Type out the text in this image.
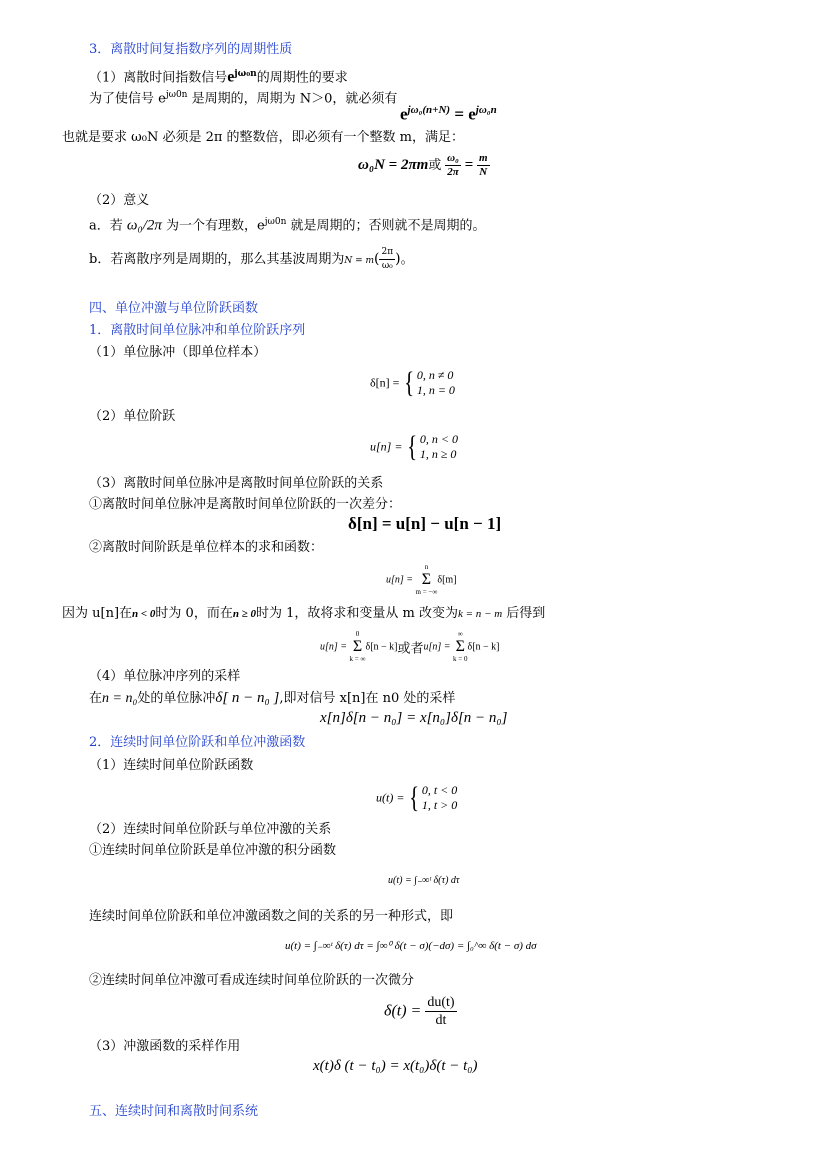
3．离散时间复指数序列的周期性质
（1）离散时间指数信号$e^{j\omega_0n}$的周期性的要求
为了使信号 $e^{j\omega 0n}$ 是周期的，周期为 N＞0，就必须有
$e^{j\omega_0(n+N)} = e^{j\omega_0n}$
也就是要求 ω₀N 必须是 2π 的整数倍，即必须有一个整数 m，满足：
ω₀N = 2πm或 $\frac{\text{ω₀}}{2\pi} = \frac{m}{N}$
（2）意义
a．若 ω₀/2π 为一个有理数，$e^{j\omega 0n}$ 就是周期的；否则就不是周期的。
b．若离散序列是周期的，那么其基波周期为$N = m( \frac{2\pi}{\text{ω₀}}$ )。
四、单位冲激与单位阶跃函数
1．离散时间单位脉冲和单位阶跃序列
（1）单位脉冲（即单位样本）
δ[n] = { 0, n ≠ 0
1, n = 0
（2）单位阶跃
u[n] = { 0, n < 0
1, n ≥ 0
（3）离散时间单位脉冲是离散时间单位阶跃的关系
①离散时间单位脉冲是离散时间单位阶跃的一次差分：
δ[n] = u[n] − u[n − 1]
②离散时间阶跃是单位样本的求和函数：
u[n] =
n
Σ
m = −∞
δ[m]
因为 u[n]在n < 0时为 0，而在n ≥ 0时为 1，故将求和变量从 m 改变为k = n − m 后得到
u[n] =
0
Σ
k = ∞
δ[n − k]或者u[n] =
∞
Σ
k = 0
δ[n − k]
（4）单位脉冲序列的采样
在n = n₀处的单位脉冲δ[ n − n₀ ],即对信号 x[n]在 n0 处的采样
x[n]δ[n − n₀] = x[n₀]δ[n − n₀]
2．连续时间单位阶跃和单位冲激函数
（1）连续时间单位阶跃函数
u(t) = { 0, t < 0
1, t > 0
（2）连续时间单位阶跃与单位冲激的关系
①连续时间单位阶跃是单位冲激的积分函数
u(t) = ∫₋∞ᵗ δ(τ) dτ
连续时间单位阶跃和单位冲激函数之间的关系的另一种形式，即
u(t) = ∫₋∞ᵗ δ(τ) dτ = ∫∞⁰ δ(t − σ)(−dσ) = ∫₀^∞ δ(t − σ) dσ
②连续时间单位冲激可看成连续时间单位阶跃的一次微分
$\delta(t) = \frac{du(t)}{dt}$
（3）冲激函数的采样作用
x(t)δ (t − t₀) = x(t₀)δ(t − t₀)
五、连续时间和离散时间系统
